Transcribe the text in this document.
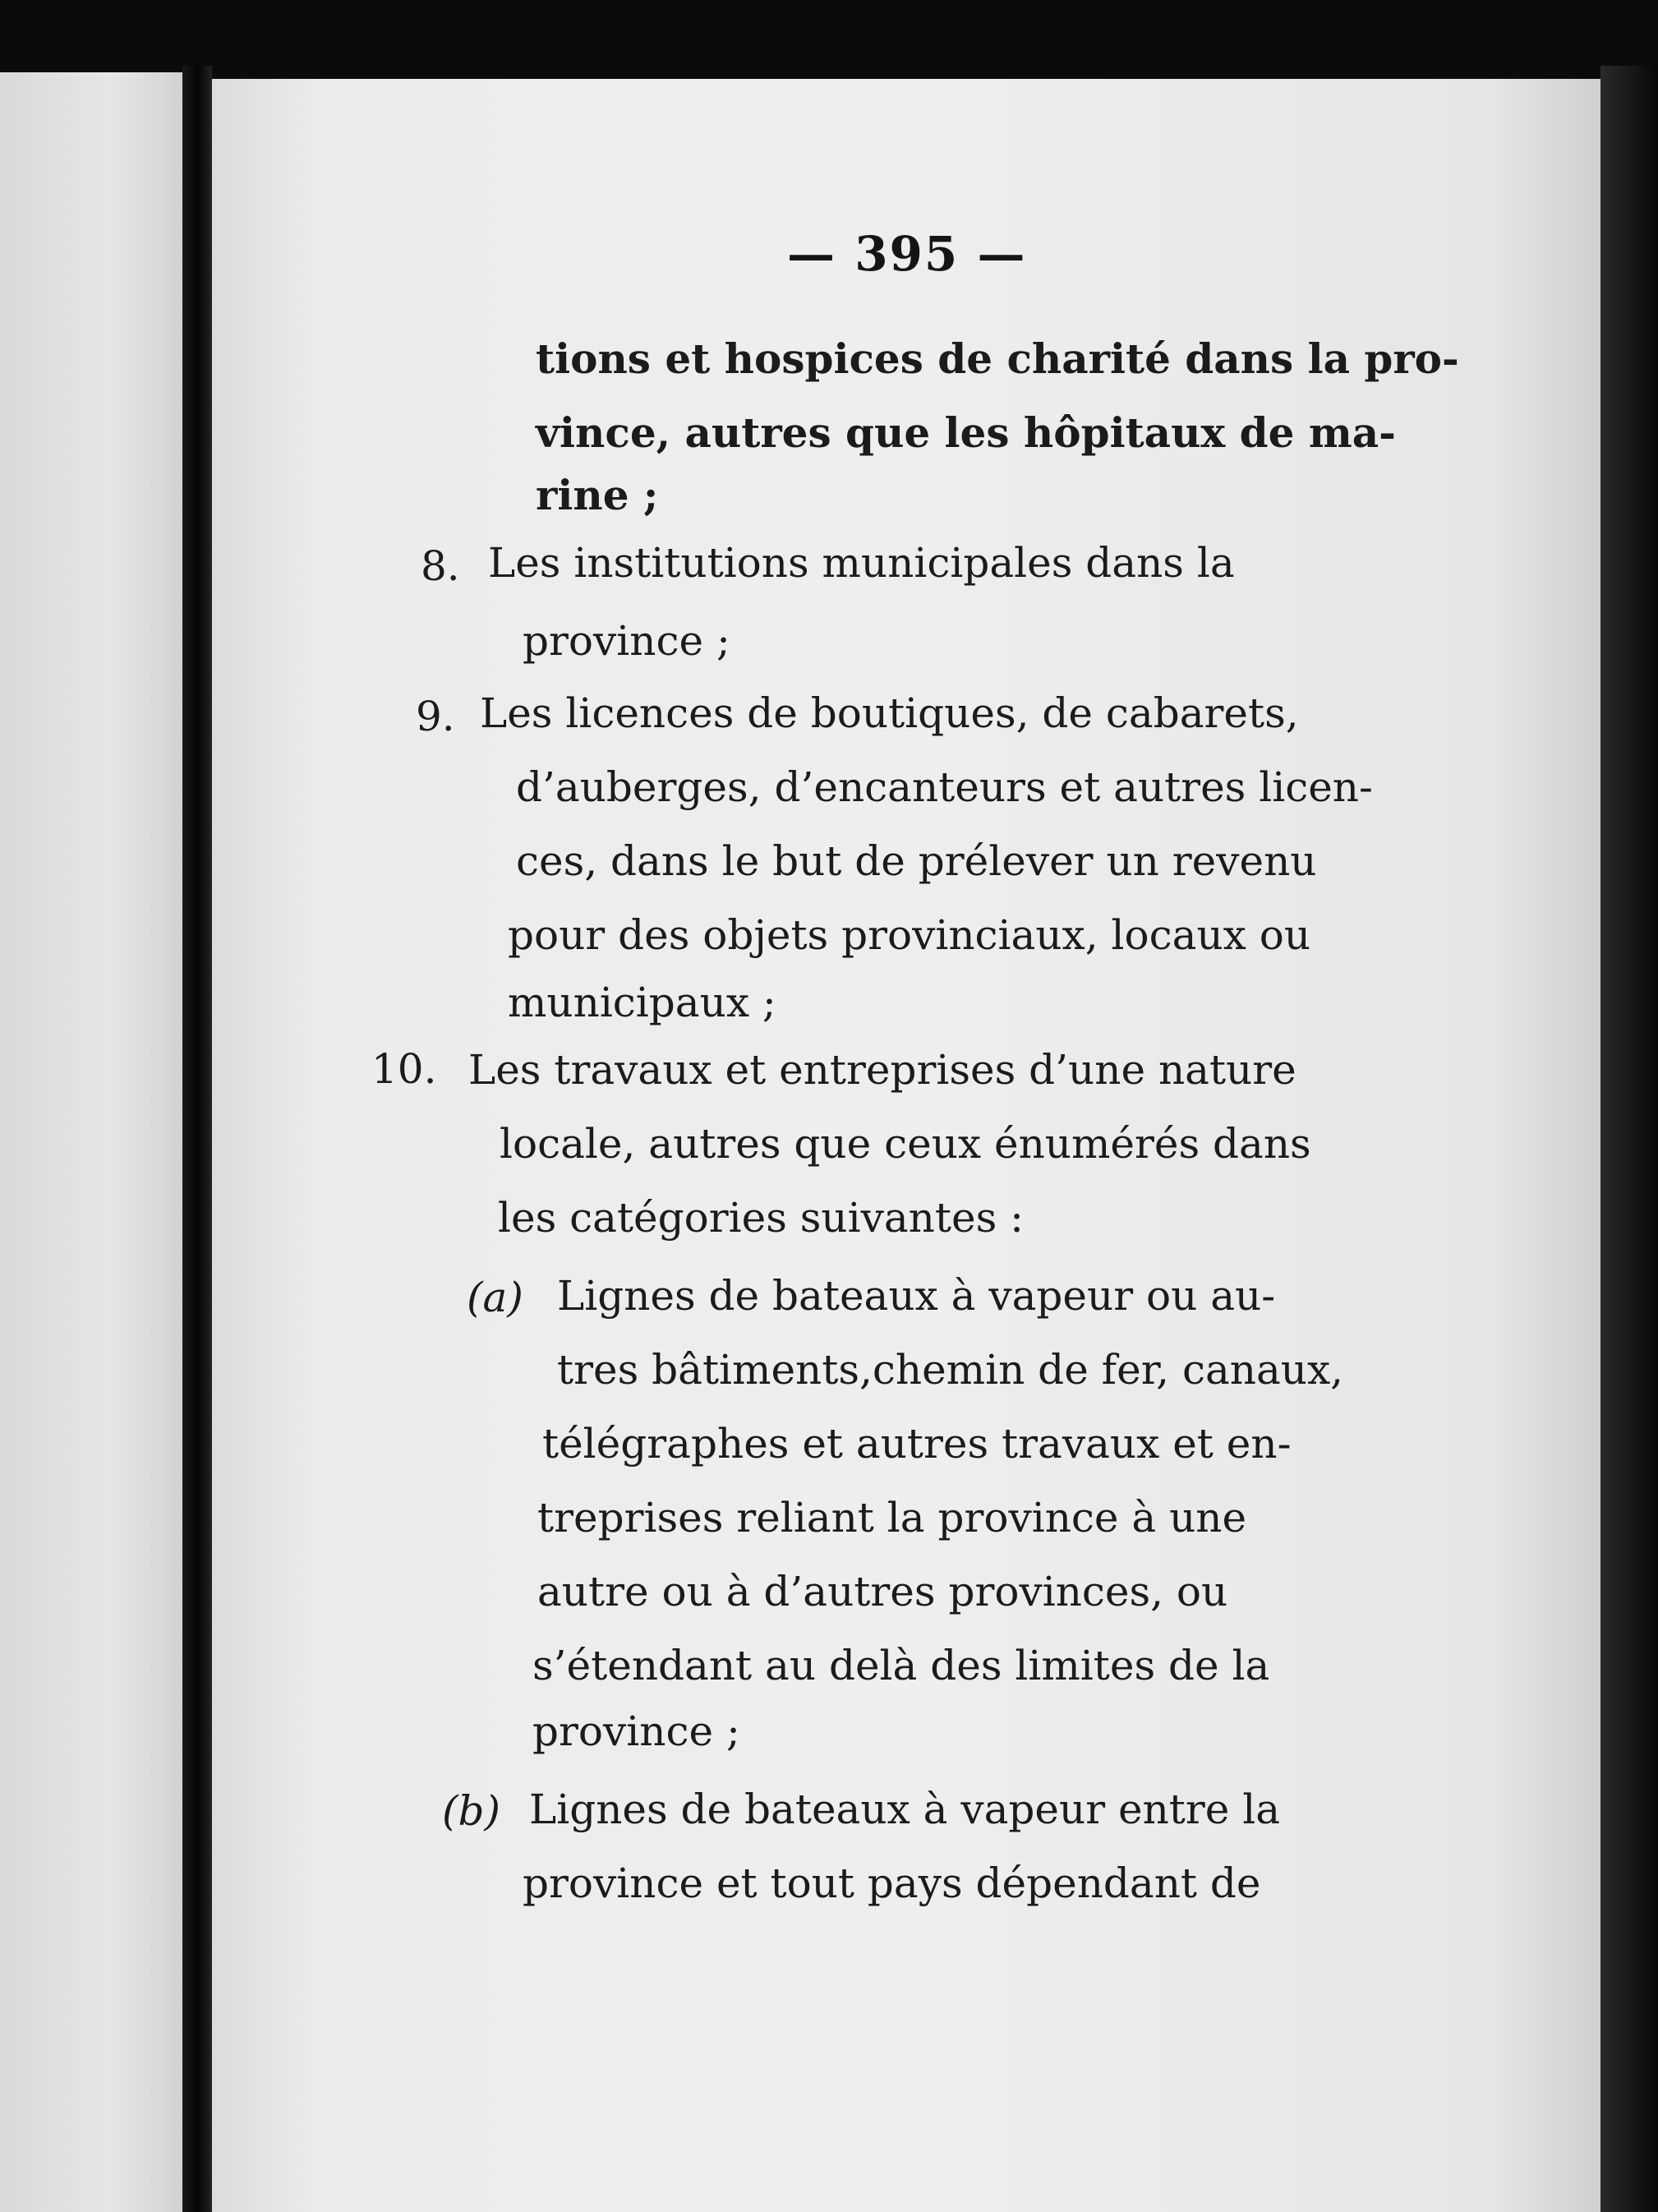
— 395 —
tions et hospices de charité dans la pro-
vince, autres que les hôpitaux de ma-
rine ;
8. Les institutions municipales dans la
province ;
9. Les licences de boutiques, de cabarets,
d’auberges, d’encanteurs et autres licen-
ces, dans le but de prélever un revenu
pour des objets provinciaux, locaux ou
municipaux ;
10. Les travaux et entreprises d’une nature
locale, autres que ceux énumérés dans
les catégories suivantes :
(a) Lignes de bateaux à vapeur ou au-
tres bâtiments,chemin de fer, canaux,
télégraphes et autres travaux et en-
treprises reliant la province à une
autre ou à d’autres provinces, ou
s’étendant au delà des limites de la
province ;
(b) Lignes de bateaux à vapeur entre la
province et tout pays dépendant de
